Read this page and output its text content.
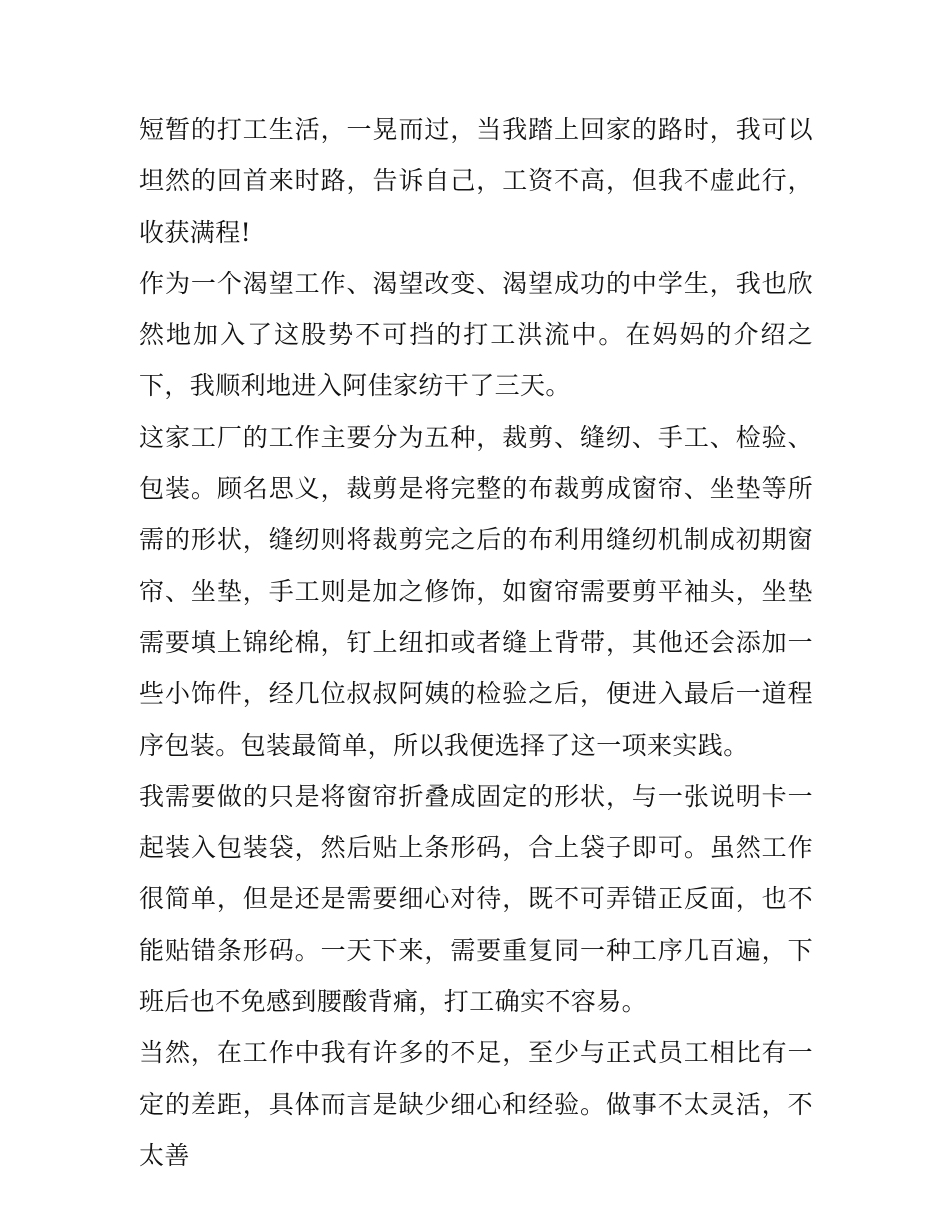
短暂的打工生活，一晃而过，当我踏上回家的路时，我可以坦然的回首来时路，告诉自己，工资不高，但我不虚此行，收获满程!

作为一个渴望工作、渴望改变、渴望成功的中学生，我也欣然地加入了这股势不可挡的打工洪流中。在妈妈的介绍之下，我顺利地进入阿佳家纺干了三天。

这家工厂的工作主要分为五种，裁剪、缝纫、手工、检验、包装。顾名思义，裁剪是将完整的布裁剪成窗帘、坐垫等所需的形状，缝纫则将裁剪完之后的布利用缝纫机制成初期窗帘、坐垫，手工则是加之修饰，如窗帘需要剪平袖头，坐垫需要填上锦纶棉，钉上纽扣或者缝上背带，其他还会添加一些小饰件，经几位叔叔阿姨的检验之后，便进入最后一道程序包装。包装最简单，所以我便选择了这一项来实践。

我需要做的只是将窗帘折叠成固定的形状，与一张说明卡一起装入包装袋，然后贴上条形码，合上袋子即可。虽然工作很简单，但是还是需要细心对待，既不可弄错正反面，也不能贴错条形码。一天下来，需要重复同一种工序几百遍，下班后也不免感到腰酸背痛，打工确实不容易。

当然，在工作中我有许多的不足，至少与正式员工相比有一定的差距，具体而言是缺少细心和经验。做事不太灵活，不太善
